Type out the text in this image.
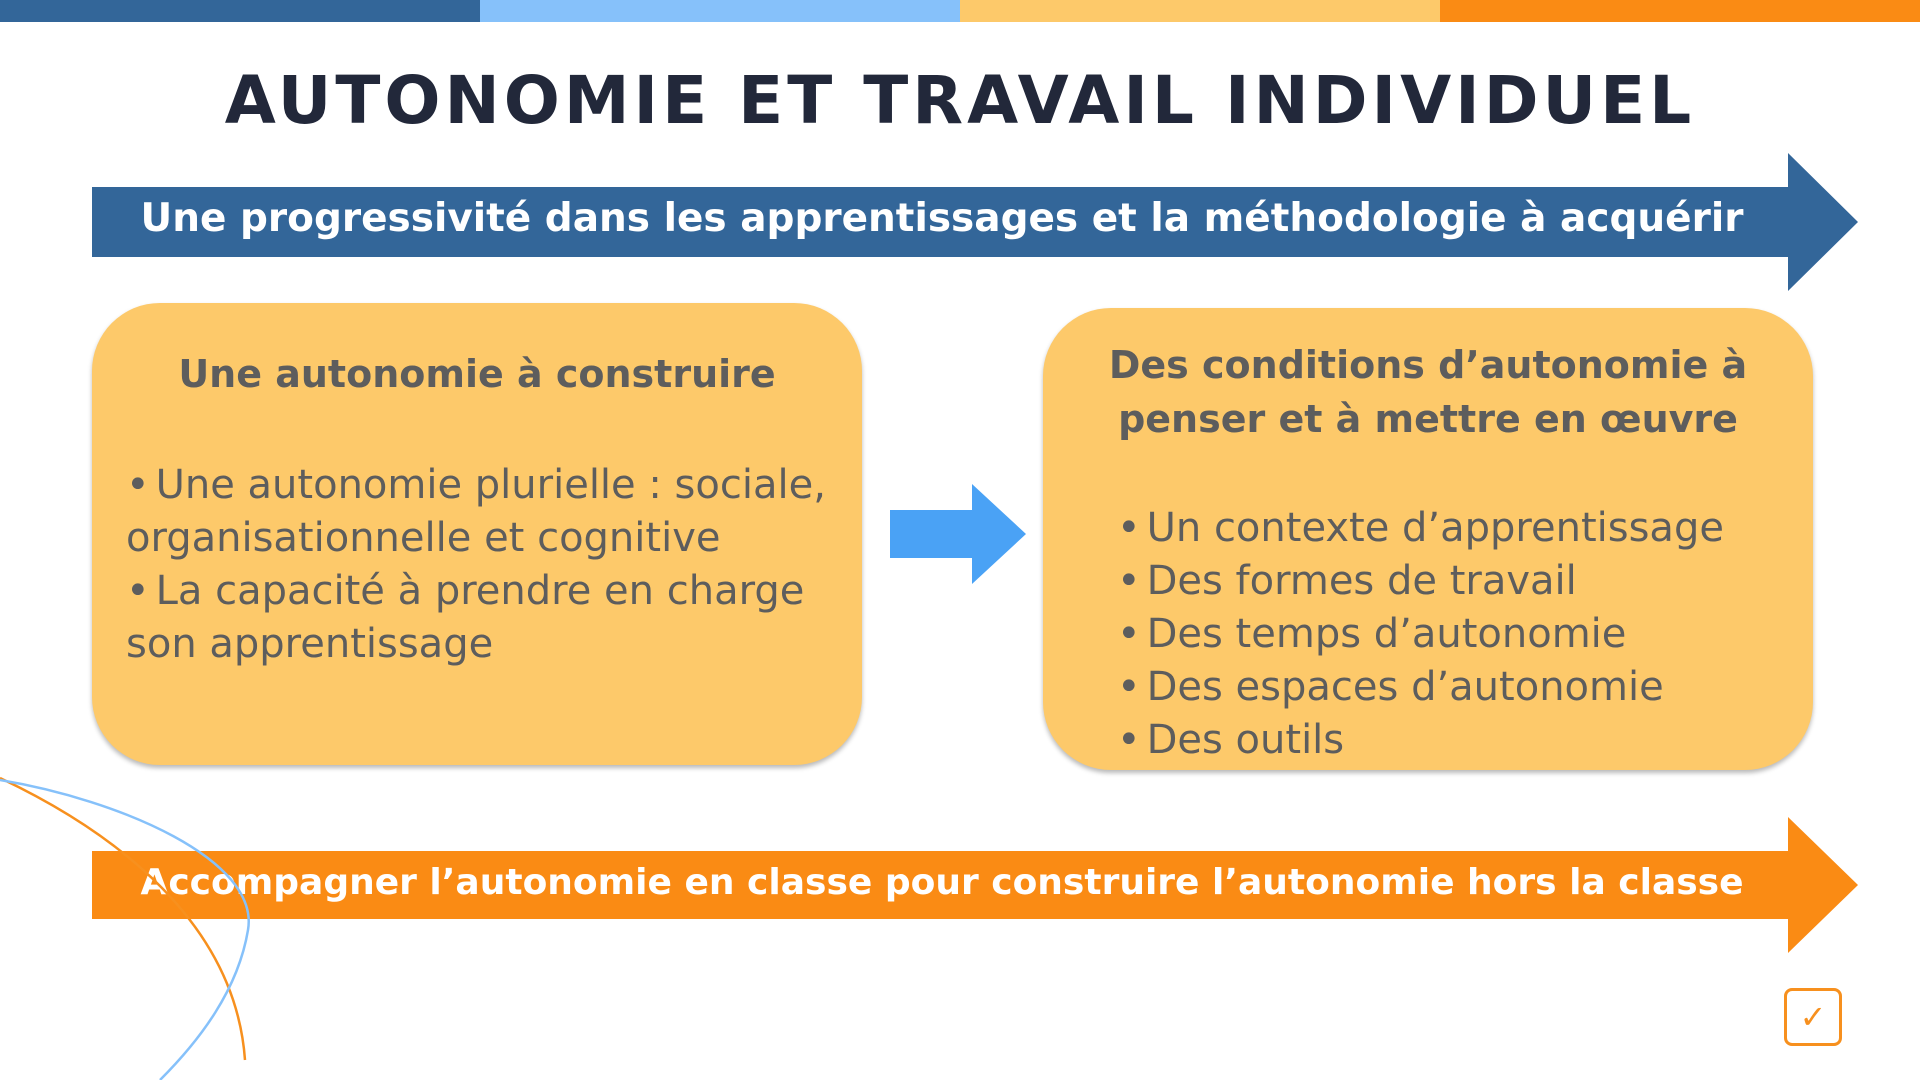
AUTONOMIE ET TRAVAIL INDIVIDUEL
Une progressivité dans les apprentissages et la méthodologie à acquérir
Une autonomie à construire
• Une autonomie plurielle : sociale, organisationnelle et cognitive
• La capacité à prendre en charge son apprentissage
Des conditions d’autonomie à penser et à mettre en œuvre
• Un contexte d’apprentissage
• Des formes de travail
• Des temps d’autonomie
• Des espaces d’autonomie
• Des outils
Accompagner l’autonomie en classe pour construire l’autonomie hors la classe
✓
